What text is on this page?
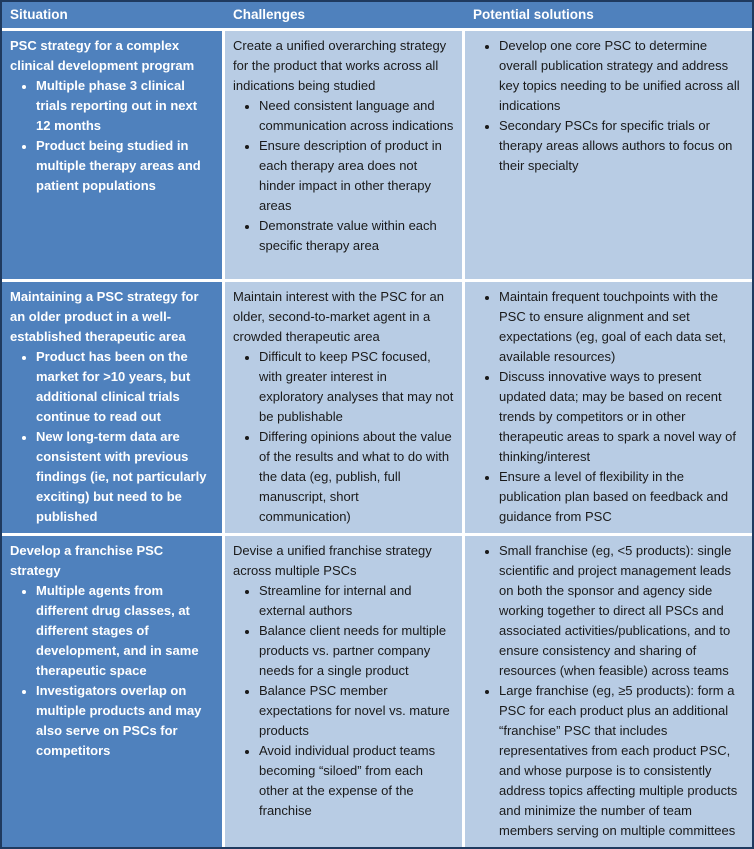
Situation	Challenges	Potential solutions

PSC strategy for a complex clinical development program

• Multiple phase 3 clinical trials reporting out in next 12 months
• Product being studied in multiple therapy areas and patient populations

Create a unified overarching strategy for the product that works across all indications being studied

• Need consistent language and communication across indications
• Ensure description of product in each therapy area does not hinder impact in other therapy areas
• Demonstrate value within each specific therapy area
• Develop one core PSC to determine overall publication strategy and address key topics needing to be unified across all indications
• Secondary PSCs for specific trials or therapy areas allows authors to focus on their specialty

Maintaining a PSC strategy for an older product in a well-established therapeutic area

• Product has been on the market for >10 years, but additional clinical trials continue to read out
• New long-term data are consistent with previous findings (ie, not particularly exciting) but need to be published

Maintain interest with the PSC for an older, second-to-market agent in a crowded therapeutic area

• Difficult to keep PSC focused, with greater interest in exploratory analyses that may not be publishable
• Differing opinions about the value of the results and what to do with the data (eg, publish, full manuscript, short communication)
• Maintain frequent touchpoints with the PSC to ensure alignment and set expectations (eg, goal of each data set, available resources)
• Discuss innovative ways to present updated data; may be based on recent trends by competitors or in other therapeutic areas to spark a novel way of thinking/interest
• Ensure a level of flexibility in the publication plan based on feedback and guidance from PSC

Develop a franchise PSC strategy

• Multiple agents from different drug classes, at different stages of development, and in same therapeutic space
• Investigators overlap on multiple products and may also serve on PSCs for competitors

Devise a unified franchise strategy across multiple PSCs

• Streamline for internal and external authors
• Balance client needs for multiple products vs. partner company needs for a single product
• Balance PSC member expectations for novel vs. mature products
• Avoid individual product teams becoming “siloed” from each other at the expense of the franchise
• Small franchise (eg, <5 products): single scientific and project management leads on both the sponsor and agency side working together to direct all PSCs and associated activities/publications, and to ensure consistency and sharing of resources (when feasible) across teams
• Large franchise (eg, ≥5 products): form a PSC for each product plus an additional “franchise” PSC that includes representatives from each product PSC, and whose purpose is to consistently address topics affecting multiple products and minimize the number of team members serving on multiple committees
